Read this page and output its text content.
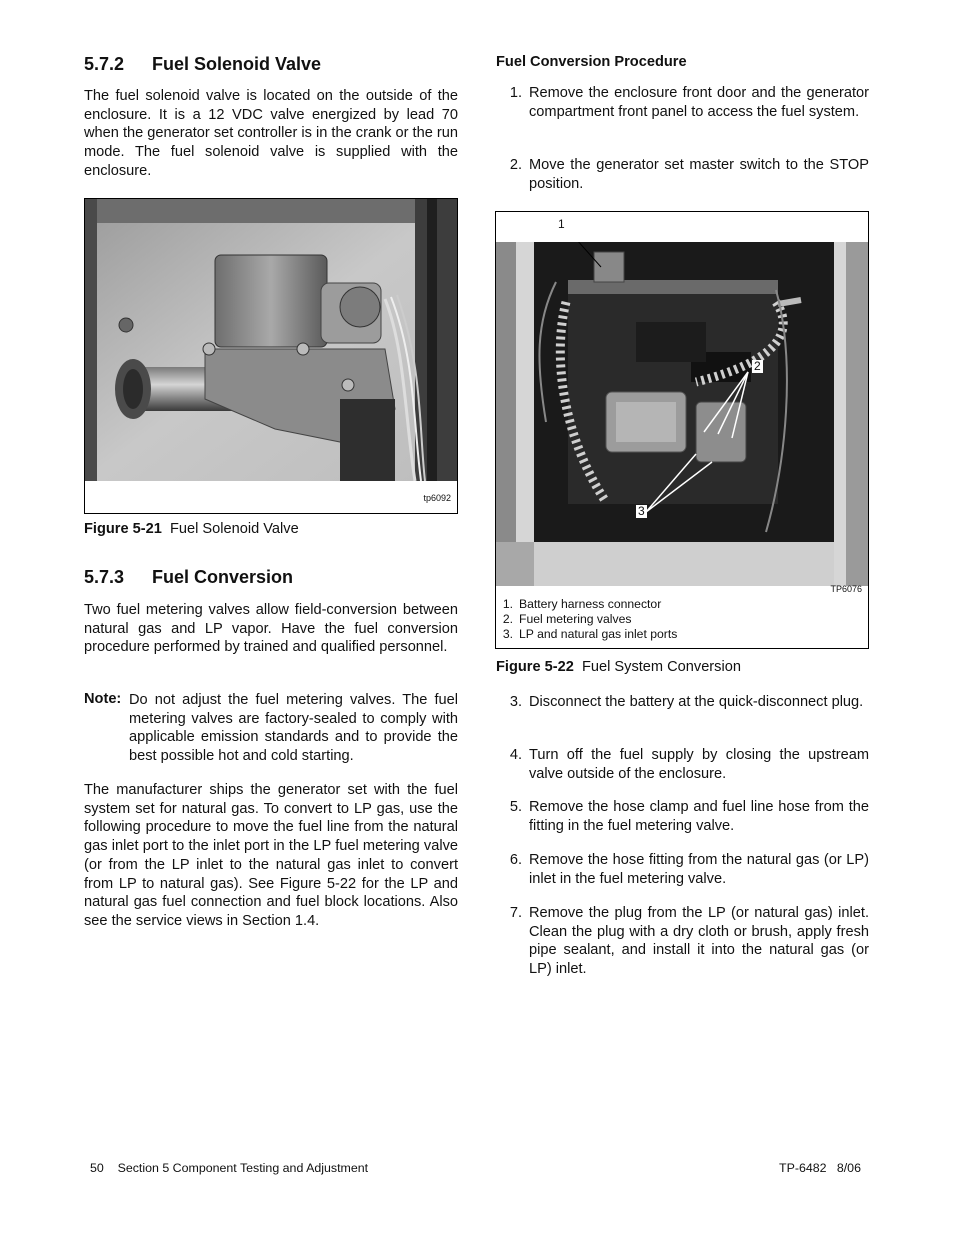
5.7.2 Fuel Solenoid Valve

The fuel solenoid valve is located on the outside of the enclosure. It is a 12 VDC valve energized by lead 70 when the generator set controller is in the crank or the run mode. The fuel solenoid valve is supplied with the enclosure.

tp6092
Figure 5-21 Fuel Solenoid Valve
5.7.3 Fuel Conversion

Two fuel metering valves allow field-conversion between natural gas and LP vapor. Have the fuel conversion procedure performed by trained and qualified personnel.

Note: Do not adjust the fuel metering valves. The fuel metering valves are factory-sealed to comply with applicable emission standards and to provide the best possible hot and cold starting.

The manufacturer ships the generator set with the fuel system set for natural gas. To convert to LP gas, use the following procedure to move the fuel line from the natural gas inlet port to the inlet port in the LP fuel metering valve (or from the LP inlet to the natural gas inlet to convert from LP to natural gas). See Figure 5-22 for the LP and natural gas fuel connection and fuel block locations. Also see the service views in Section 1.4.

Fuel Conversion Procedure
1. Remove the enclosure front door and the generator compartment front panel to access the fuel system.
2. Move the generator set master switch to the STOP position.
1
2
3
TP6076
1. Battery harness connector
2. Fuel metering valves
3. LP and natural gas inlet ports
Figure 5-22 Fuel System Conversion
3. Disconnect the battery at the quick-disconnect plug.
4. Turn off the fuel supply by closing the upstream valve outside of the enclosure.
5. Remove the hose clamp and fuel line hose from the fitting in the fuel metering valve.
6. Remove the hose fitting from the natural gas (or LP) inlet in the fuel metering valve.
7. Remove the plug from the LP (or natural gas) inlet. Clean the plug with a dry cloth or brush, apply fresh pipe sealant, and install it into the natural gas (or LP) inlet.
50 Section 5 Component Testing and Adjustment	TP-6482   8/06
